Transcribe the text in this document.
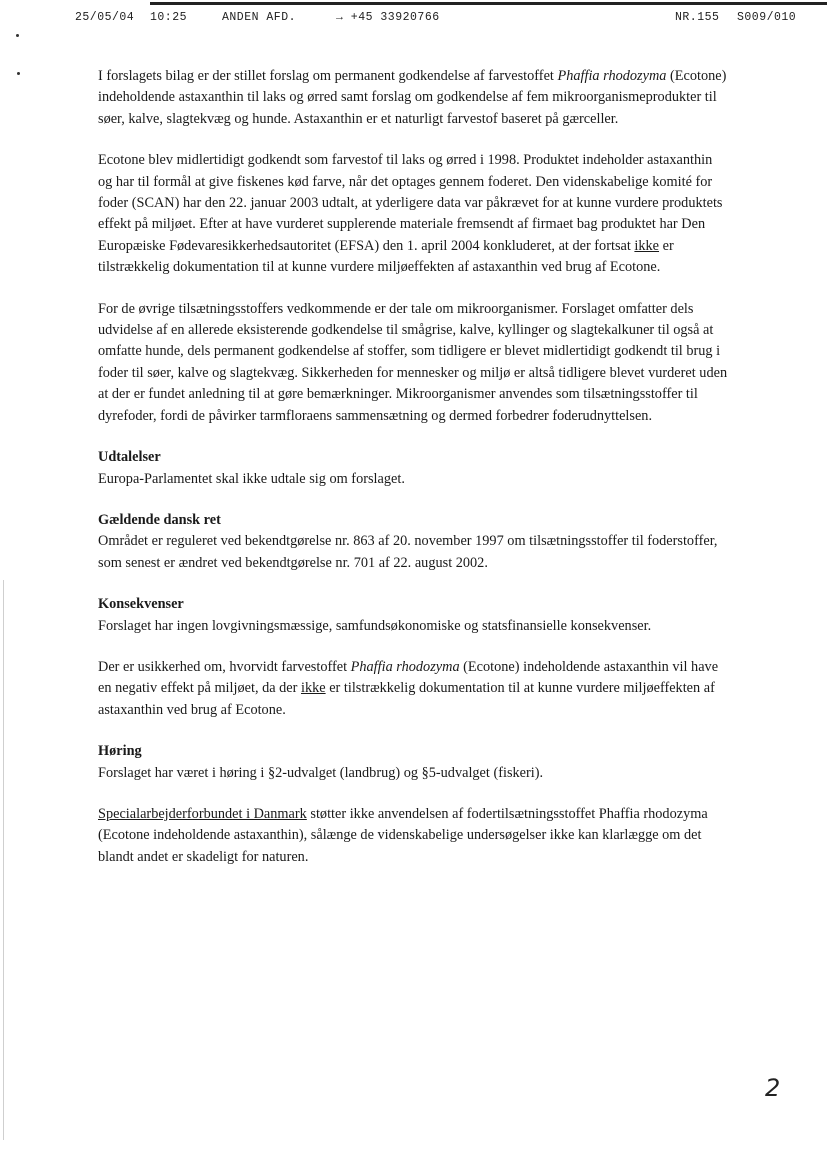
25/05/04 10:25	ANDEN AFD.	→ +45 33920766	NR.155 S009/010

I forslagets bilag er der stillet forslag om permanent godkendelse af farvestoffet Phaffia rhodozyma (Ecotone) indeholdende astaxanthin til laks og ørred samt forslag om godkendelse af fem mikroorganismeprodukter til søer, kalve, slagtekvæg og hunde. Astaxanthin er et naturligt farvestof baseret på gærceller.

Ecotone blev midlertidigt godkendt som farvestof til laks og ørred i 1998. Produktet indeholder astaxanthin og har til formål at give fiskenes kød farve, når det optages gennem foderet. Den videnskabelige komité for foder (SCAN) har den 22. januar 2003 udtalt, at yderligere data var påkrævet for at kunne vurdere produktets effekt på miljøet. Efter at have vurderet supplerende materiale fremsendt af firmaet bag produktet har Den Europæiske Fødevaresikkerhedsautoritet (EFSA) den 1. april 2004 konkluderet, at der fortsat ikke er tilstrækkelig dokumentation til at kunne vurdere miljøeffekten af astaxanthin ved brug af Ecotone.

For de øvrige tilsætningsstoffers vedkommende er der tale om mikroorganismer. Forslaget omfatter dels udvidelse af en allerede eksisterende godkendelse til smågrise, kalve, kyllinger og slagtekalkuner til også at omfatte hunde, dels permanent godkendelse af stoffer, som tidligere er blevet midlertidigt godkendt til brug i foder til søer, kalve og slagtekvæg. Sikkerheden for mennesker og miljø er altså tidligere blevet vurderet uden at der er fundet anledning til at gøre bemærkninger. Mikroorganismer anvendes som tilsætningsstoffer til dyrefoder, fordi de påvirker tarmfloraens sammensætning og dermed forbedrer foderudnyttelsen.

Udtalelser

Europa-Parlamentet skal ikke udtale sig om forslaget.

Gældende dansk ret

Området er reguleret ved bekendtgørelse nr. 863 af 20. november 1997 om tilsætningsstoffer til foderstoffer, som senest er ændret ved bekendtgørelse nr. 701 af 22. august 2002.

Konsekvenser

Forslaget har ingen lovgivningsmæssige, samfundsøkonomiske og statsfinansielle konsekvenser.

Der er usikkerhed om, hvorvidt farvestoffet Phaffia rhodozyma (Ecotone) indeholdende astaxanthin vil have en negativ effekt på miljøet, da der ikke er tilstrækkelig dokumentation til at kunne vurdere miljøeffekten af astaxanthin ved brug af Ecotone.

Høring

Forslaget har været i høring i §2-udvalget (landbrug) og §5-udvalget (fiskeri).

Specialarbejderforbundet i Danmark støtter ikke anvendelsen af fodertilsætningsstoffet Phaffia rhodozyma (Ecotone indeholdende astaxanthin), sålænge de videnskabelige undersøgelser ikke kan klarlægge om det blandt andet er skadeligt for naturen.

2
